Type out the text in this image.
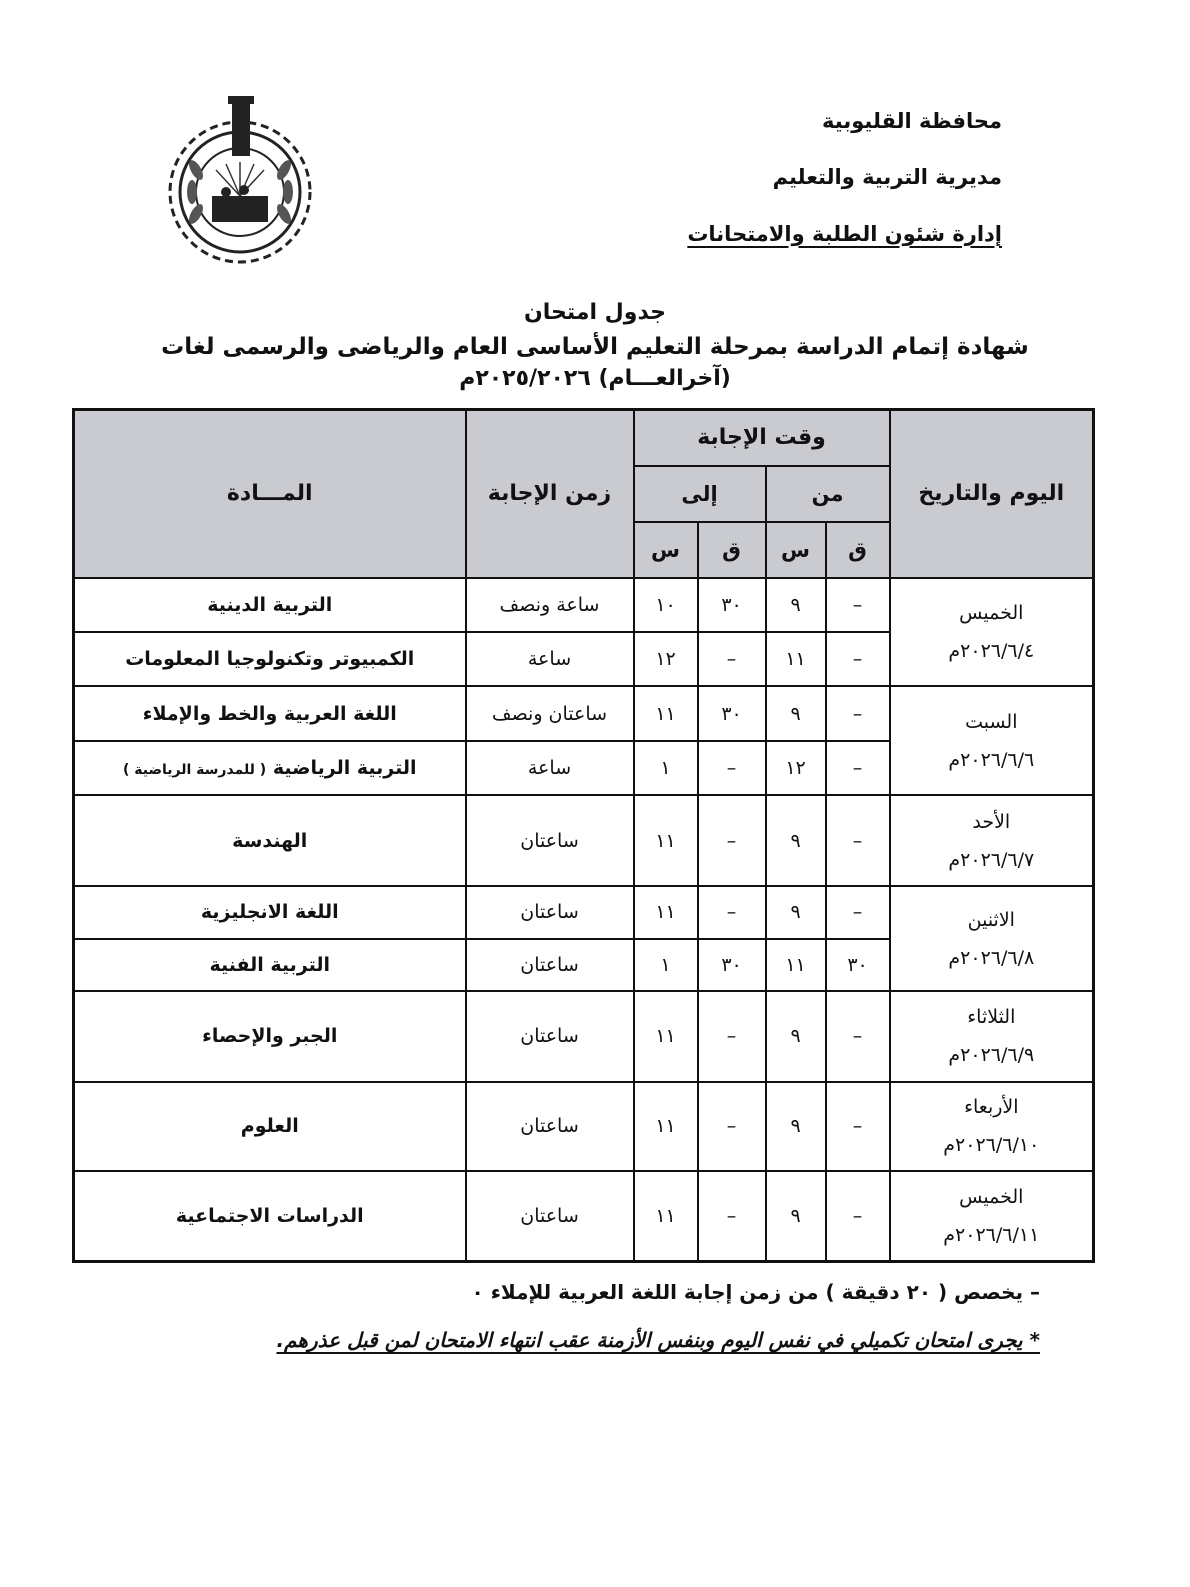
محافظة القليوبية
مديرية التربية والتعليم
إدارة شئون الطلبة والامتحانات
جدول امتحان
شهادة إتمام الدراسة بمرحلة التعليم الأساسى العام والرياضى والرسمى لغات
(آخرالعـــام) ٢٠٢٥/٢٠٢٦م
اليوم والتاريخ	وقت الإجابة				زمن الإجابة	المـــادة
	من		إلى			
	ق	س	ق	س		

الخميس
٢٠٢٦/٦/٤م	–	٩	٣٠	١٠	ساعة ونصف	التربية الدينية
	–	١١	–	١٢	ساعة	الكمبيوتر وتكنولوجيا المعلومات

السبت
٢٠٢٦/٦/٦م	–	٩	٣٠	١١	ساعتان ونصف	اللغة العربية والخط والإملاء
	–	١٢	–	١	ساعة	التربية الرياضية ( للمدرسة الرياضية )

الأحد
٢٠٢٦/٦/٧م	–	٩	–	١١	ساعتان	الهندسة

الاثنين
٢٠٢٦/٦/٨م	–	٩	–	١١	ساعتان	اللغة الانجليزية
	٣٠	١١	٣٠	١	ساعتان	التربية الفنية

الثلاثاء
٢٠٢٦/٦/٩م	–	٩	–	١١	ساعتان	الجبر والإحصاء

الأربعاء
٢٠٢٦/٦/١٠م	–	٩	–	١١	ساعتان	العلوم

الخميس
٢٠٢٦/٦/١١م	–	٩	–	١١	ساعتان	الدراسات الاجتماعية
– يخصص ( ٢٠ دقيقة ) من زمن إجابة اللغة العربية للإملاء ٠
* يجرى امتحان تكميلي في نفس اليوم وبنفس الأزمنة عقب انتهاء الامتحان لمن قبل عذرهم.
